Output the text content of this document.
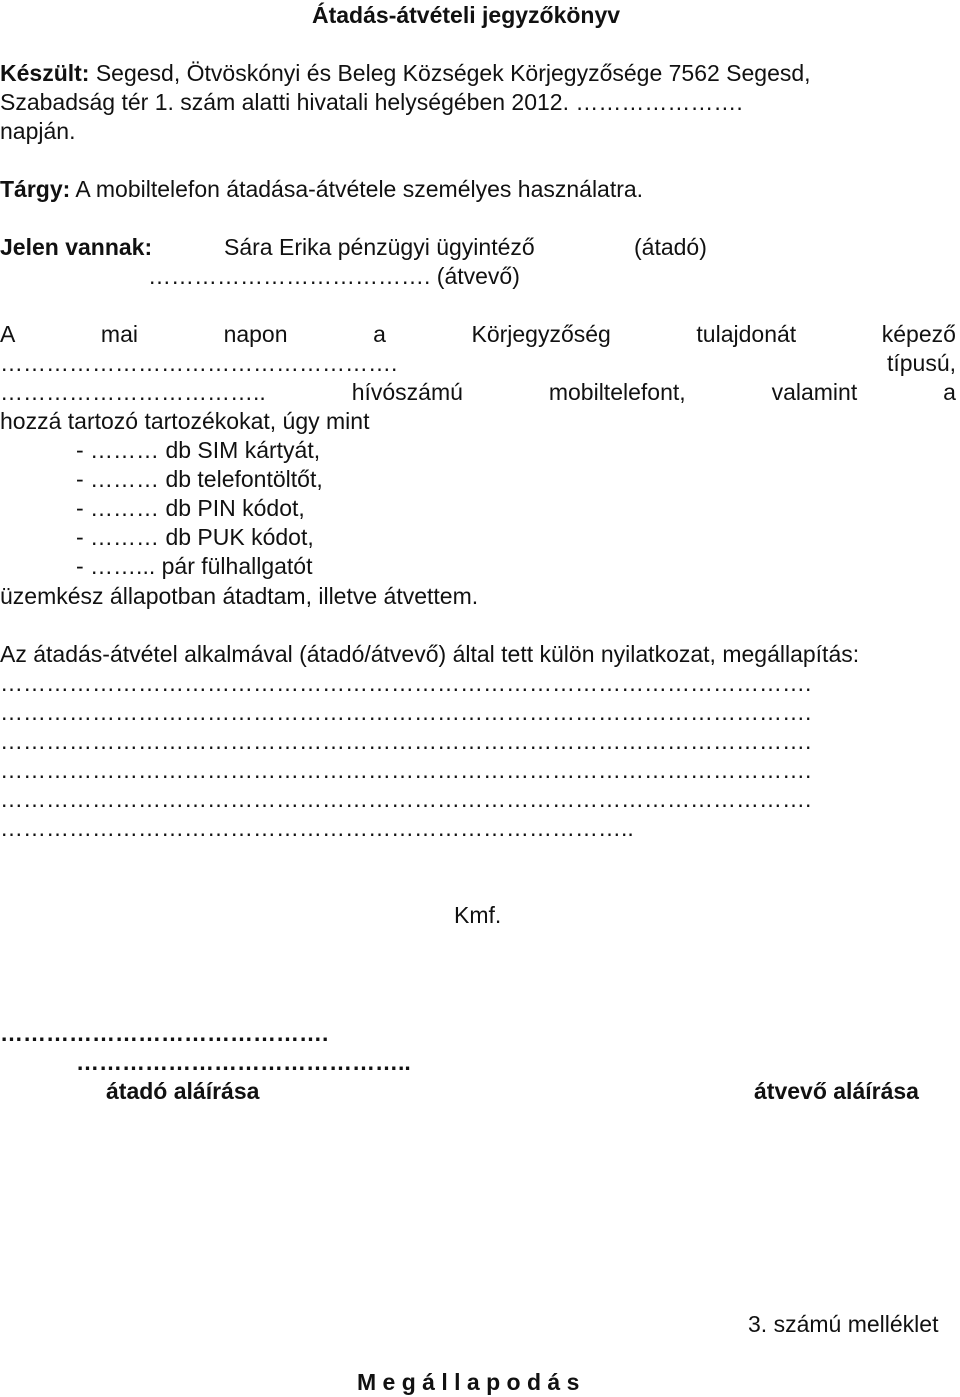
Átadás-átvételi jegyzőkönyv
Készült: Segesd, Ötvöskónyi és Beleg Községek Körjegyzősége 7562 Segesd,
Szabadság tér 1. szám alatti hivatali helységében 2012. ………………….
napján.
Tárgy: A mobiltelefon átadása-átvétele személyes használatra.
Jelen vannak:	Sára Erika pénzügyi ügyintéző	(átadó)
………………………………. (átvevő)
A	mai	napon	a	Körjegyzőség	tulajdonát	képező
…………………………………………….	típusú,
……………………………..	hívószámú	mobiltelefont,	valamint	a
hozzá tartozó tartozékokat, úgy mint
- ……… db SIM kártyát,
- ……… db telefontöltőt,
- ……… db PIN kódot,
- ……… db PUK kódot,
- ……... pár fülhallgatót
üzemkész állapotban átadtam, illetve átvettem.
Az átadás-átvétel alkalmával (átadó/átvevő) által tett külön nyilatkozat, megállapítás:
…………………………………………………………………………………………….
…………………………………………………………………………………………….
…………………………………………………………………………………………….
…………………………………………………………………………………………….
…………………………………………………………………………………………….
………………………………………………………………………..
Kmf.
…………………………………….
……………………………………..
átadó aláírása	átvevő aláírása
3. számú melléklet
M e g á l l a p o d á s
